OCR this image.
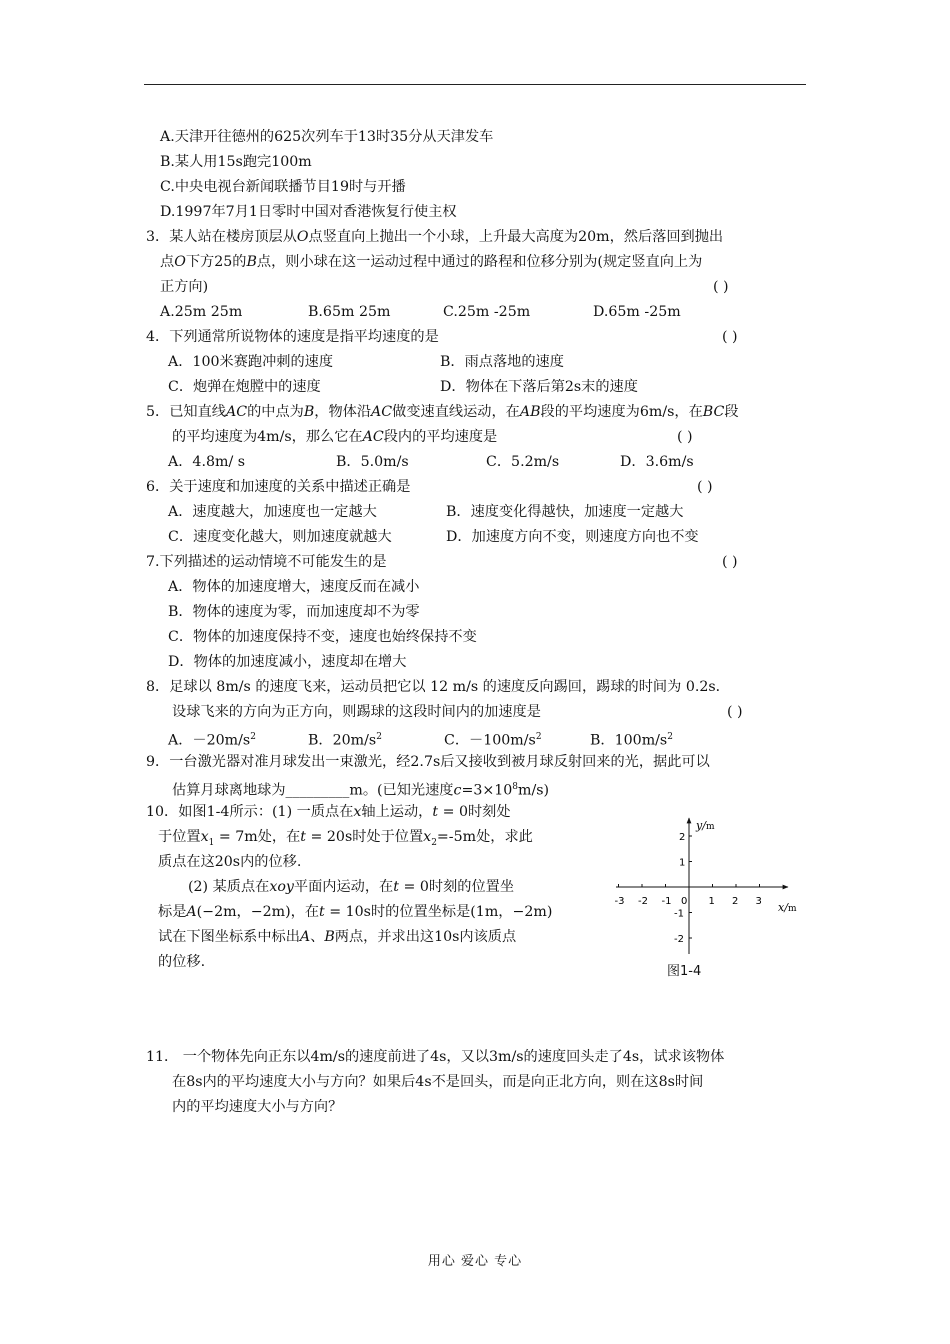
A.天津开往德州的625次列车于13时35分从天津发车
B.某人用15s跑完100m
C.中央电视台新闻联播节目19时与开播
D.1997年7月1日零时中国对香港恢复行使主权
3．某人站在楼房顶层从O点竖直向上抛出一个小球，上升最大高度为20m，然后落回到抛出
点O下方25的B点，则小球在这一运动过程中通过的路程和位移分别为(规定竖直向上为
正方向)	( )
A.25m 25m	B.65m 25m	C.25m -25m	D.65m -25m
4．下列通常所说物体的速度是指平均速度的是	( )
A．100米赛跑冲刺的速度	B．雨点落地的速度
C．炮弹在炮膛中的速度	D．物体在下落后第2s末的速度
5．已知直线AC的中点为B，物体沿AC做变速直线运动，在AB段的平均速度为6m/s，在BC段
的平均速度为4m/s，那么它在AC段内的平均速度是	( )
A．4.8m/ s	B．5.0m/s	C．5.2m/s	D．3.6m/s
6．关于速度和加速度的关系中描述正确是	( )
A．速度越大，加速度也一定越大	B．速度变化得越快，加速度一定越大
C．速度变化越大，则加速度就越大	D．加速度方向不变，则速度方向也不变
7.下列描述的运动情境不可能发生的是	( )
A．物体的加速度增大，速度反而在减小
B．物体的速度为零，而加速度却不为零
C．物体的加速度保持不变，速度也始终保持不变
D．物体的加速度减小，速度却在增大
8．足球以 8m/s 的速度飞来，运动员把它以 12 m/s 的速度反向踢回，踢球的时间为 0.2s．
设球飞来的方向为正方向，则踢球的这段时间内的加速度是	( )
A．$-20m/s^2$	B．$20m/s^2$	C．$-100m/s^2$	B．$100m/s^2$
9．一台激光器对准月球发出一束激光，经2.7s后又接收到被月球反射回来的光，据此可以
估算月球离地球为_________m。(已知光速度$c=3\times 10^8m/s$)
10．如图1-4所示：(1) 一质点在x轴上运动，t = 0时刻处
于位置$x_1 = 7m$处，在t = 20s时处于位置$x_2=-5m$处，求此
质点在这20s内的位移.
(2) 某质点在xoy平面内运动，在t = 0时刻的位置坐
标是A(−2m，−2m)，在t = 10s时的位置坐标是(1m，−2m)
试在下图坐标系中标出A、B两点，并求出这10s内该质点
的位移.
-3 -2 -1 0 1 2 3
2
1
-1
-2
x/m
y/m
图1-4
11． 一个物体先向正东以4m/s的速度前进了4s，又以3m/s的速度回头走了4s，试求该物体
在8s内的平均速度大小与方向？如果后4s不是回头，而是向正北方向，则在这8s时间
内的平均速度大小与方向？
用心 爱心 专心
